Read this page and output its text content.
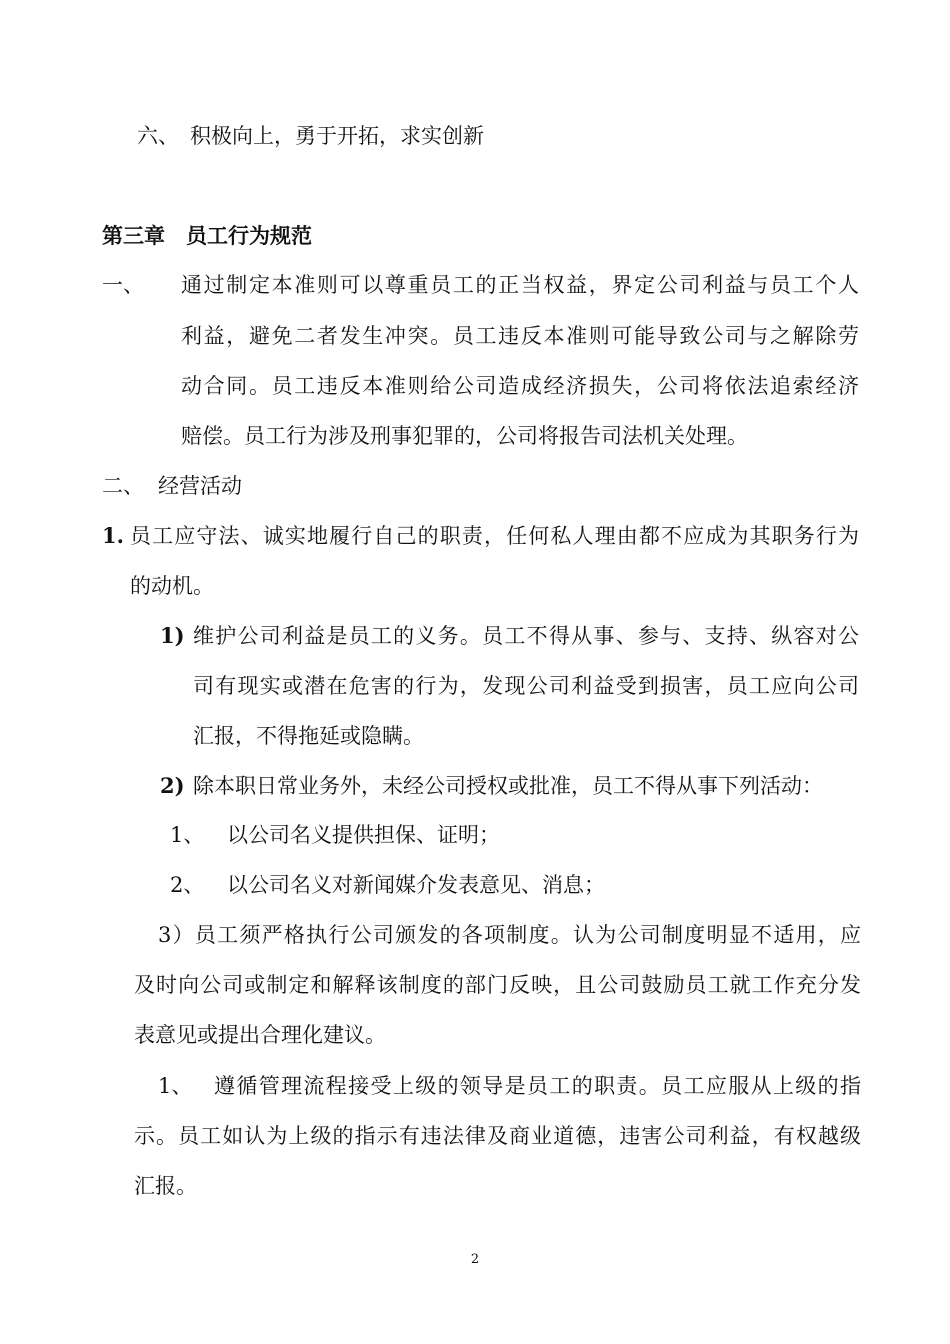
六、 积极向上，勇于开拓，求实创新

第三章　员工行为规范

一、 通过制定本准则可以尊重员工的正当权益，界定公司利益与员工个人

利益，避免二者发生冲突。员工违反本准则可能导致公司与之解除劳

动合同。员工违反本准则给公司造成经济损失，公司将依法追索经济

赔偿。员工行为涉及刑事犯罪的，公司将报告司法机关处理。

二、 经营活动

1. 员工应守法、诚实地履行自己的职责，任何私人理由都不应成为其职务行为

的动机。

1) 维护公司利益是员工的义务。员工不得从事、参与、支持、纵容对公

司有现实或潜在危害的行为，发现公司利益受到损害，员工应向公司

汇报，不得拖延或隐瞒。

2) 除本职日常业务外，未经公司授权或批准，员工不得从事下列活动：

1、 以公司名义提供担保、证明；

2、 以公司名义对新闻媒介发表意见、消息；

3）员工须严格执行公司颁发的各项制度。认为公司制度明显不适用，应

及时向公司或制定和解释该制度的部门反映，且公司鼓励员工就工作充分发

表意见或提出合理化建议。

1、 遵循管理流程接受上级的领导是员工的职责。员工应服从上级的指

示。员工如认为上级的指示有违法律及商业道德，违害公司利益，有权越级

汇报。

2
